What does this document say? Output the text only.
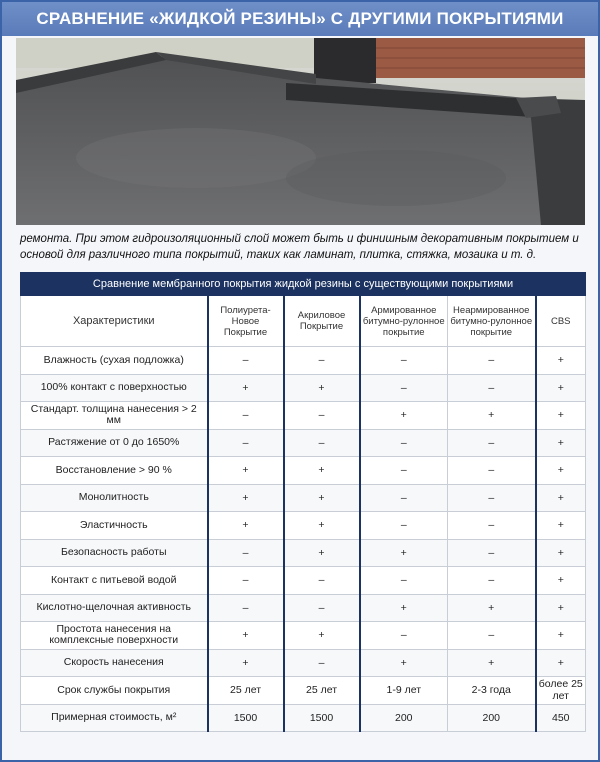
СРАВНЕНИЕ «ЖИДКОЙ РЕЗИНЫ» С ДРУГИМИ ПОКРЫТИЯМИ
ремонта. При этом гидроизоляционный слой может быть и финишным декоративным покрытием и основой для различного типа покрытий, таких как ламинат, плитка, стяжка, мозаика и т. д.
Сравнение мембранного покрытия жидкой резины с существующими покрытиями					
Характеристики	Полиурета-Новое Покрытие	Акриловое Покрытие	Армированное битумно-рулонное покрытие	Неармированное битумно-рулонное покрытие	CBS
Влажность (сухая подложка)	–	–	–	–	+
100% контакт с поверхностью	+	+	–	–	+
Стандарт. толщина нанесения > 2 мм	–	–	+	+	+
Растяжение от 0 до 1650%	–	–	–	–	+
Восстановление > 90 %	+	+	–	–	+
Монолитность	+	+	–	–	+
Эластичность	+	+	–	–	+
Безопасность работы	–	+	+	–	+
Контакт с питьевой водой	–	–	–	–	+
Кислотно-щелочная активность	–	–	+	+	+
Простота нанесения на комплексные поверхности	+	+	–	–	+
Скорость нанесения	+	–	+	+	+
Срок службы покрытия	25 лет	25 лет	1-9 лет	2-3 года	более 25 лет
Примерная стоимость, м²	1500	1500	200	200	450
